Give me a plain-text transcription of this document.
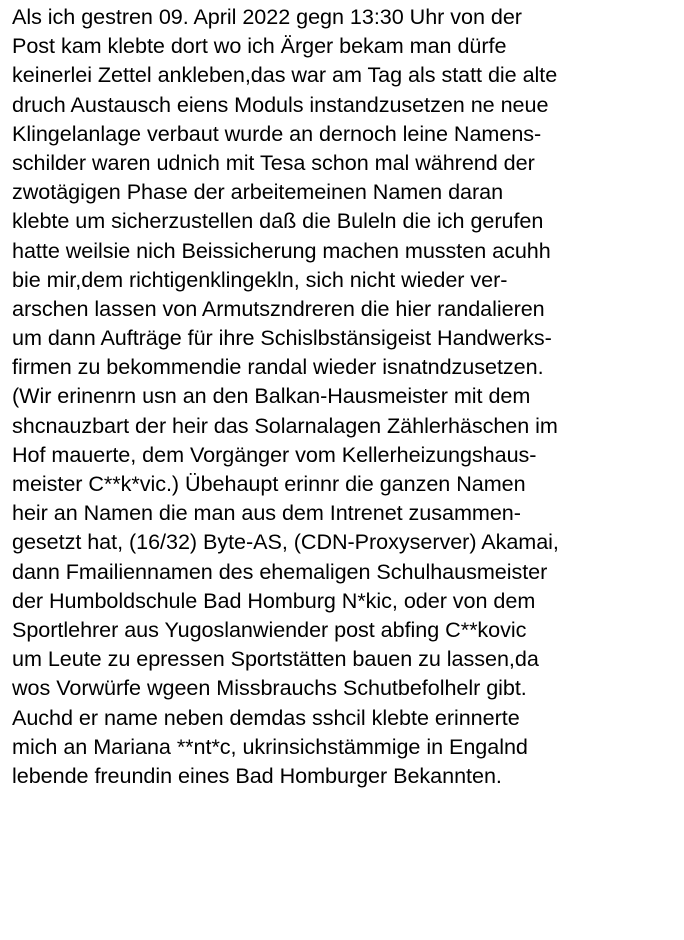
Als ich gestren 09. April 2022 gegn 13:30 Uhr von der
Post kam klebte dort wo ich Ärger bekam man dürfe
keinerlei Zettel ankleben,das war am Tag als statt die alte
druch Austausch eiens Moduls instandzusetzen ne neue
Klingelanlage verbaut wurde an dernoch leine Namens-
schilder waren udnich mit Tesa schon mal während der
zwotägigen Phase der arbeitemeinen Namen daran
klebte um sicherzustellen daß die Buleln die ich gerufen
hatte weilsie nich Beissicherung machen mussten acuhh
bie mir,dem richtigenklingekln, sich nicht wieder ver-
arschen lassen von Armutszndreren die hier randalieren
um dann Aufträge für ihre Schislbstänsigeist Handwerks-
firmen zu bekommendie randal wieder isnatndzusetzen.
(Wir erinenrn usn an den Balkan-Hausmeister mit dem
shcnauzbart der heir das Solarnalagen Zählerhäschen im
Hof mauerte, dem Vorgänger vom Kellerheizungshaus-
meister C**k*vic.) Übehaupt erinnr die ganzen Namen
heir an Namen die man aus dem Intrenet zusammen-
gesetzt hat, (16/32) Byte-AS, (CDN-Proxyserver) Akamai,
dann Fmailiennamen des ehemaligen Schulhausmeister
der Humboldschule Bad Homburg N*kic, oder von dem
Sportlehrer aus Yugoslanwiender post abfing C**kovic
um Leute zu epressen Sportstätten bauen zu lassen,da
wos Vorwürfe wgeen Missbrauchs Schutbefolhelr gibt.
Auchd er name neben demdas sshcil klebte erinnerte
mich an Mariana **nt*c, ukrinsichstämmige in Engalnd
lebende freundin eines Bad Homburger Bekannten.
